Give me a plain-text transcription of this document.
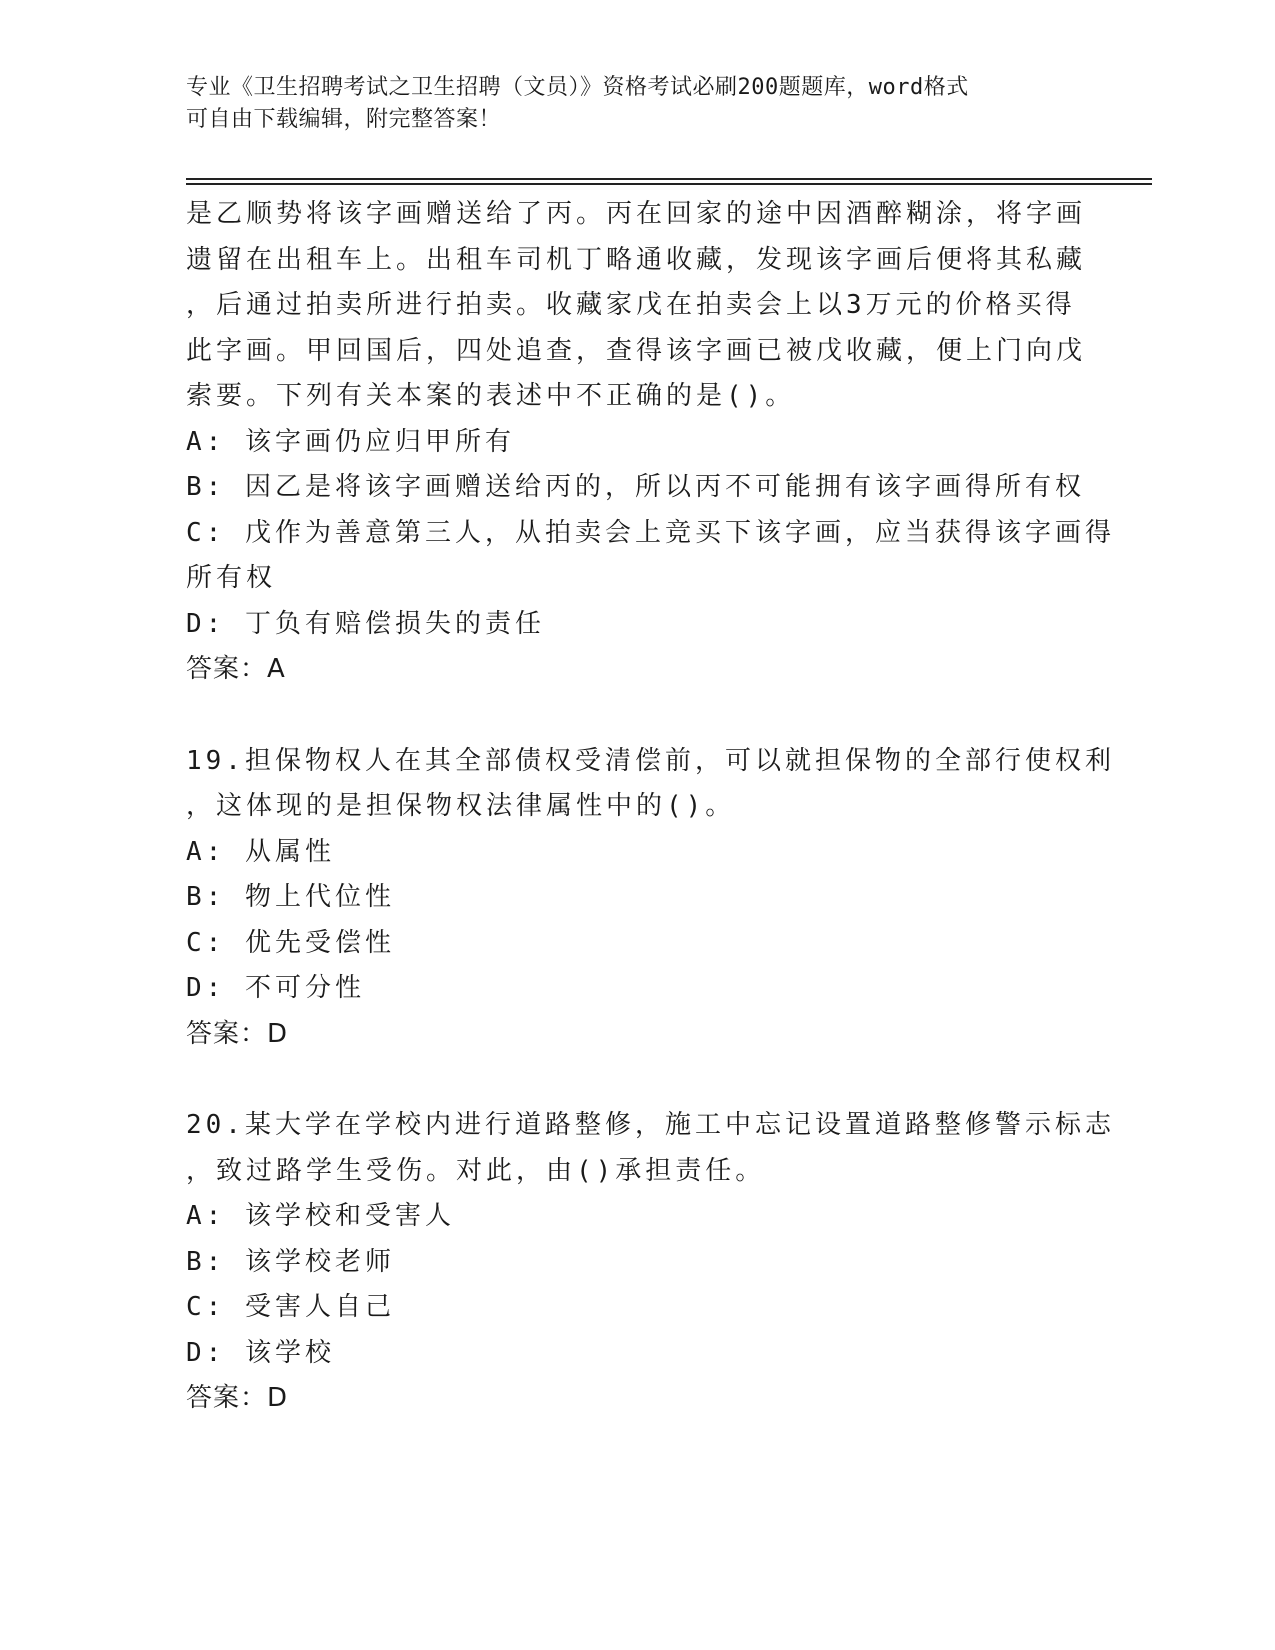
专业《卫生招聘考试之卫生招聘（文员）》资格考试必刷200题题库，word格式
可自由下载编辑，附完整答案！
是乙顺势将该字画赠送给了丙。丙在回家的途中因酒醉糊涂，将字画
遗留在出租车上。出租车司机丁略通收藏，发现该字画后便将其私藏
，后通过拍卖所进行拍卖。收藏家戊在拍卖会上以3万元的价格买得
此字画。甲回国后，四处追查，查得该字画已被戊收藏，便上门向戊
索要。下列有关本案的表述中不正确的是()。
A: 该字画仍应归甲所有
B: 因乙是将该字画赠送给丙的，所以丙不可能拥有该字画得所有权
C: 戊作为善意第三人，从拍卖会上竞买下该字画，应当获得该字画得
所有权
D: 丁负有赔偿损失的责任
答案：A
19.担保物权人在其全部债权受清偿前，可以就担保物的全部行使权利
，这体现的是担保物权法律属性中的()。
A: 从属性
B: 物上代位性
C: 优先受偿性
D: 不可分性
答案：D
20.某大学在学校内进行道路整修，施工中忘记设置道路整修警示标志
，致过路学生受伤。对此，由()承担责任。
A: 该学校和受害人
B: 该学校老师
C: 受害人自己
D: 该学校
答案：D
